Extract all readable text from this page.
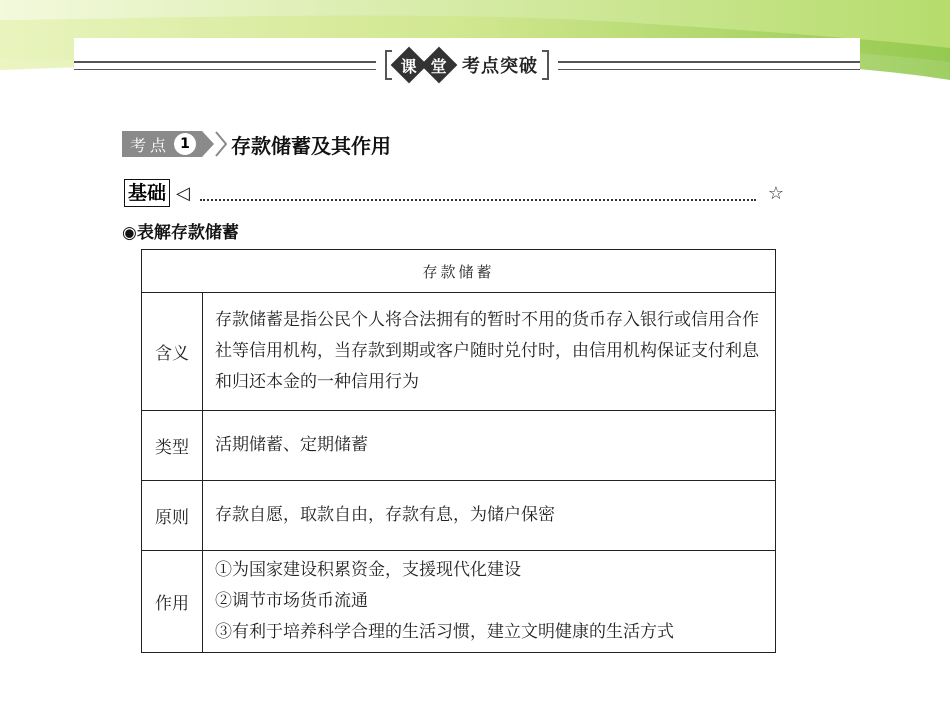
课 堂 考点突破
考点 1	存款储蓄及其作用
基础 ◁	☆
◉表解存款储蓄
存款储蓄	
含义	存款储蓄是指公民个人将合法拥有的暂时不用的货币存入银行或信用合作社等信用机构，当存款到期或客户随时兑付时，由信用机构保证支付利息和归还本金的一种信用行为
类型	活期储蓄、定期储蓄
原则	存款自愿，取款自由，存款有息，为储户保密
作用	①为国家建设积累资金，支援现代化建设
②调节市场货币流通
③有利于培养科学合理的生活习惯，建立文明健康的生活方式
